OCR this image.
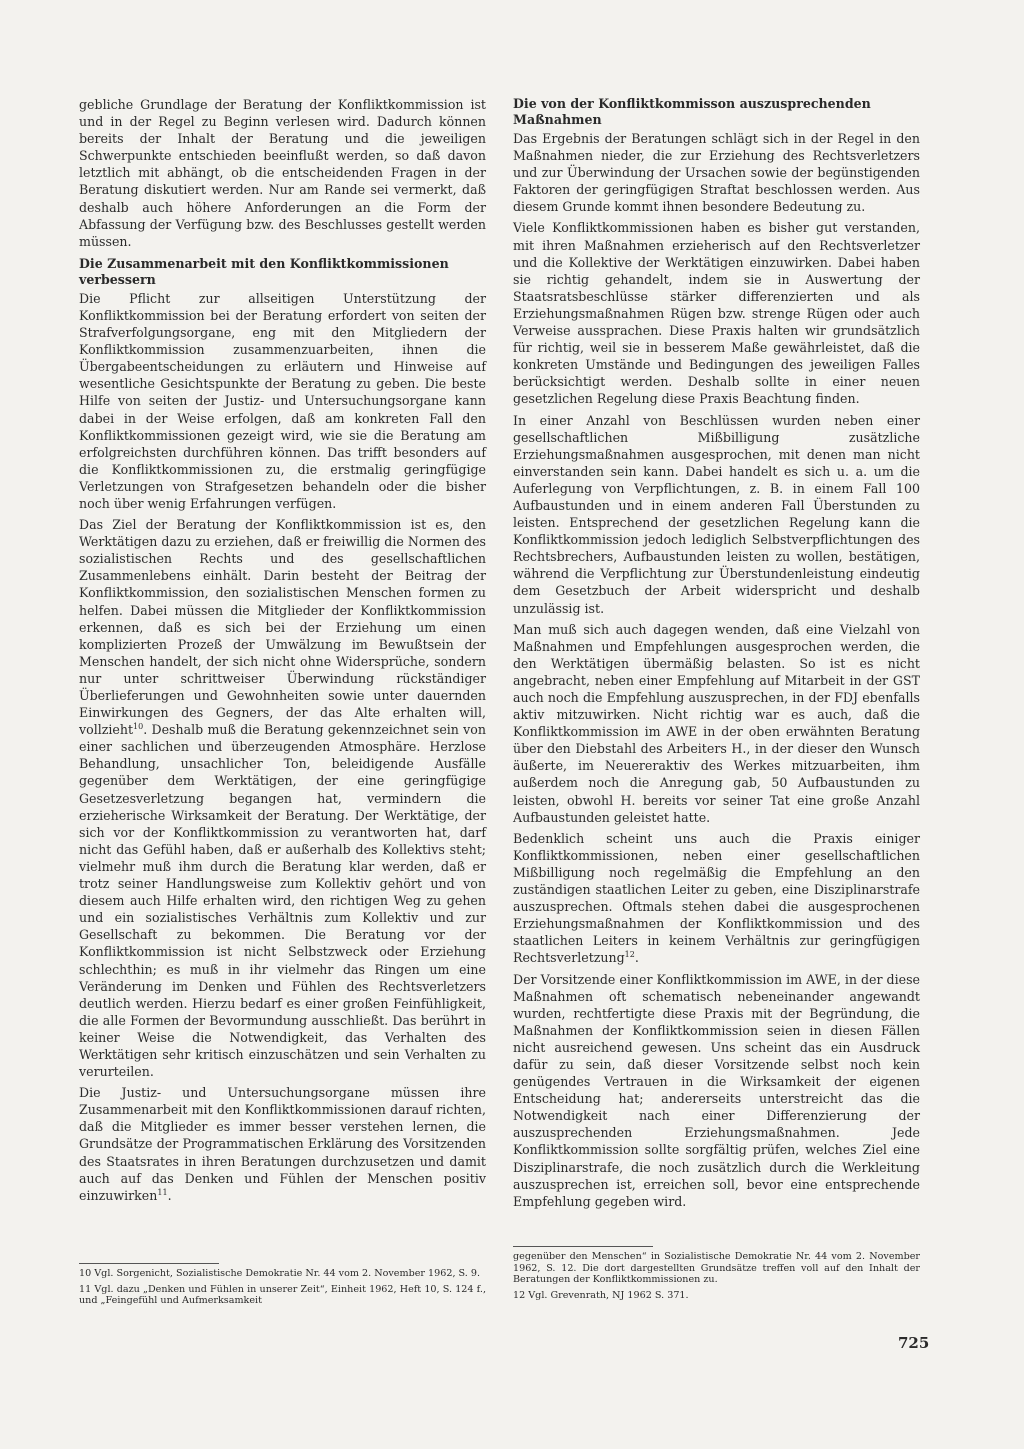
gebliche Grundlage der Beratung der Konfliktkommission ist und in der Regel zu Beginn verlesen wird. Dadurch können bereits der Inhalt der Beratung und die jeweiligen Schwerpunkte entschieden beeinflußt werden, so daß davon letztlich mit abhängt, ob die entscheidenden Fragen in der Beratung diskutiert werden. Nur am Rande sei vermerkt, daß deshalb auch höhere Anforderungen an die Form der Abfassung der Verfügung bzw. des Beschlusses gestellt werden müssen.

Die Zusammenarbeit mit den Konfliktkommissionen verbessern

Die Pflicht zur allseitigen Unterstützung der Konfliktkommission bei der Beratung erfordert von seiten der Strafverfolgungsorgane, eng mit den Mitgliedern der Konfliktkommission zusammenzuarbeiten, ihnen die Übergabeentscheidungen zu erläutern und Hinweise auf wesentliche Gesichtspunkte der Beratung zu geben. Die beste Hilfe von seiten der Justiz- und Untersuchungsorgane kann dabei in der Weise erfolgen, daß am konkreten Fall den Konfliktkommissionen gezeigt wird, wie sie die Beratung am erfolgreichsten durchführen können. Das trifft besonders auf die Konfliktkommissionen zu, die erstmalig geringfügige Verletzungen von Strafgesetzen behandeln oder die bisher noch über wenig Erfahrungen verfügen.

Das Ziel der Beratung der Konfliktkommission ist es, den Werktätigen dazu zu erziehen, daß er freiwillig die Normen des sozialistischen Rechts und des gesellschaftlichen Zusammenlebens einhält. Darin besteht der Beitrag der Konfliktkommission, den sozialistischen Menschen formen zu helfen. Dabei müssen die Mitglieder der Konfliktkommission erkennen, daß es sich bei der Erziehung um einen komplizierten Prozeß der Umwälzung im Bewußtsein der Menschen handelt, der sich nicht ohne Widersprüche, sondern nur unter schrittweiser Überwindung rückständiger Überlieferungen und Gewohnheiten sowie unter dauernden Einwirkungen des Gegners, der das Alte erhalten will, vollzieht$^{10}$. Deshalb muß die Beratung gekennzeichnet sein von einer sachlichen und überzeugenden Atmosphäre. Herzlose Behandlung, unsachlicher Ton, beleidigende Ausfälle gegenüber dem Werktätigen, der eine geringfügige Gesetzesverletzung begangen hat, vermindern die erzieherische Wirksamkeit der Beratung. Der Werktätige, der sich vor der Konfliktkommission zu verantworten hat, darf nicht das Gefühl haben, daß er außerhalb des Kollektivs steht; vielmehr muß ihm durch die Beratung klar werden, daß er trotz seiner Handlungsweise zum Kollektiv gehört und von diesem auch Hilfe erhalten wird, den richtigen Weg zu gehen und ein sozialistisches Verhältnis zum Kollektiv und zur Gesellschaft zu bekommen. Die Beratung vor der Konfliktkommission ist nicht Selbstzweck oder Erziehung schlechthin; es muß in ihr vielmehr das Ringen um eine Veränderung im Denken und Fühlen des Rechtsverletzers deutlich werden. Hierzu bedarf es einer großen Feinfühligkeit, die alle Formen der Bevormundung ausschließt. Das berührt in keiner Weise die Notwendigkeit, das Verhalten des Werktätigen sehr kritisch einzuschätzen und sein Verhalten zu verurteilen.

Die Justiz- und Untersuchungsorgane müssen ihre Zusammenarbeit mit den Konfliktkommissionen darauf richten, daß die Mitglieder es immer besser verstehen lernen, die Grundsätze der Programmatischen Erklärung des Vorsitzenden des Staatsrates in ihren Beratungen durchzusetzen und damit auch auf das Denken und Fühlen der Menschen positiv einzuwirken$^{11}$.

Die von der Konfliktkommisson auszusprechenden Maßnahmen

Das Ergebnis der Beratungen schlägt sich in der Regel in den Maßnahmen nieder, die zur Erziehung des Rechtsverletzers und zur Überwindung der Ursachen sowie der begünstigenden Faktoren der geringfügigen Straftat beschlossen werden. Aus diesem Grunde kommt ihnen besondere Bedeutung zu.

Viele Konfliktkommissionen haben es bisher gut verstanden, mit ihren Maßnahmen erzieherisch auf den Rechtsverletzer und die Kollektive der Werktätigen einzuwirken. Dabei haben sie richtig gehandelt, indem sie in Auswertung der Staatsratsbeschlüsse stärker differenzierten und als Erziehungsmaßnahmen Rügen bzw. strenge Rügen oder auch Verweise aussprachen. Diese Praxis halten wir grundsätzlich für richtig, weil sie in besserem Maße gewährleistet, daß die konkreten Umstände und Bedingungen des jeweiligen Falles berücksichtigt werden. Deshalb sollte in einer neuen gesetzlichen Regelung diese Praxis Beachtung finden.

In einer Anzahl von Beschlüssen wurden neben einer gesellschaftlichen Mißbilligung zusätzliche Erziehungsmaßnahmen ausgesprochen, mit denen man nicht einverstanden sein kann. Dabei handelt es sich u. a. um die Auferlegung von Verpflichtungen, z. B. in einem Fall 100 Aufbaustunden und in einem anderen Fall Überstunden zu leisten. Entsprechend der gesetzlichen Regelung kann die Konfliktkommission jedoch lediglich Selbstverpflichtungen des Rechtsbrechers, Aufbaustunden leisten zu wollen, bestätigen, während die Verpflichtung zur Überstundenleistung eindeutig dem Gesetzbuch der Arbeit widerspricht und deshalb unzulässig ist.

Man muß sich auch dagegen wenden, daß eine Vielzahl von Maßnahmen und Empfehlungen ausgesprochen werden, die den Werktätigen übermäßig belasten. So ist es nicht angebracht, neben einer Empfehlung auf Mitarbeit in der GST auch noch die Empfehlung auszusprechen, in der FDJ ebenfalls aktiv mitzuwirken. Nicht richtig war es auch, daß die Konfliktkommission im AWE in der oben erwähnten Beratung über den Diebstahl des Arbeiters H., in der dieser den Wunsch äußerte, im Neuereraktiv des Werkes mitzuarbeiten, ihm außerdem noch die Anregung gab, 50 Aufbaustunden zu leisten, obwohl H. bereits vor seiner Tat eine große Anzahl Aufbaustunden geleistet hatte.

Bedenklich scheint uns auch die Praxis einiger Konfliktkommissionen, neben einer gesellschaftlichen Mißbilligung noch regelmäßig die Empfehlung an den zuständigen staatlichen Leiter zu geben, eine Disziplinarstrafe auszusprechen. Oftmals stehen dabei die ausgesprochenen Erziehungsmaßnahmen der Konfliktkommission und des staatlichen Leiters in keinem Verhältnis zur geringfügigen Rechtsverletzung$^{12}$.

Der Vorsitzende einer Konfliktkommission im AWE, in der diese Maßnahmen oft schematisch nebeneinander angewandt wurden, rechtfertigte diese Praxis mit der Begründung, die Maßnahmen der Konfliktkommission seien in diesen Fällen nicht ausreichend gewesen. Uns scheint das ein Ausdruck dafür zu sein, daß dieser Vorsitzende selbst noch kein genügendes Vertrauen in die Wirksamkeit der eigenen Entscheidung hat; andererseits unterstreicht das die Notwendigkeit nach einer Differenzierung der auszusprechenden Erziehungsmaßnahmen. Jede Konfliktkommission sollte sorgfältig prüfen, welches Ziel eine Disziplinarstrafe, die noch zusätzlich durch die Werkleitung auszusprechen ist, erreichen soll, bevor eine entsprechende Empfehlung gegeben wird.

10 Vgl. Sorgenicht, Sozialistische Demokratie Nr. 44 vom 2. November 1962, S. 9.

11 Vgl. dazu „Denken und Fühlen in unserer Zeit“, Einheit 1962, Heft 10, S. 124 f., und „Feingefühl und Aufmerksamkeit

gegenüber den Menschen“ in Sozialistische Demokratie Nr. 44 vom 2. November 1962, S. 12. Die dort dargestellten Grundsätze treffen voll auf den Inhalt der Beratungen der Konfliktkommissionen zu.

12 Vgl. Grevenrath, NJ 1962 S. 371.

725
